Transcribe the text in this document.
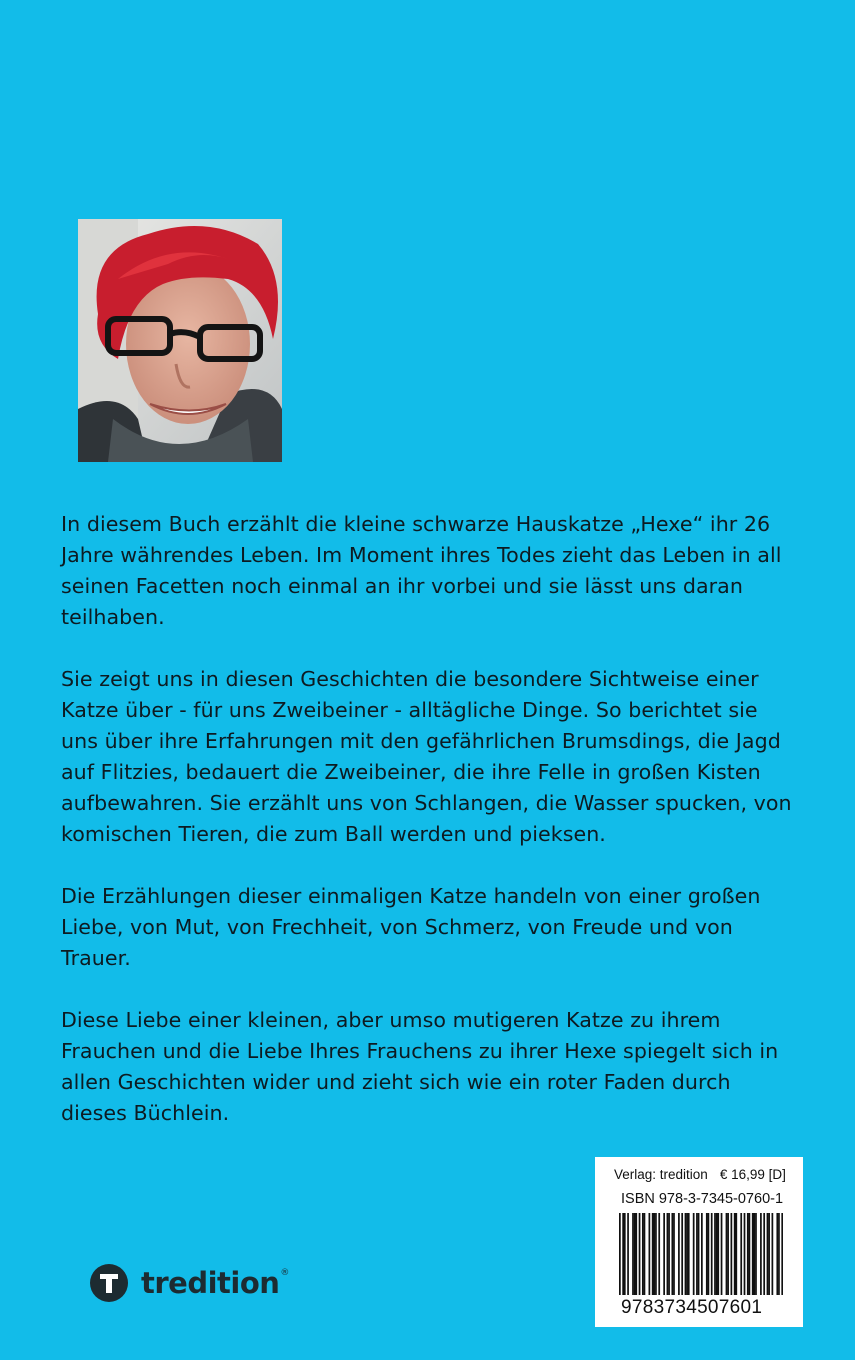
In diesem Buch erzählt die kleine schwarze Hauskatze „Hexe“ ihr 26 Jahre währendes Leben. Im Moment ihres Todes zieht das Leben in all seinen Facetten noch einmal an ihr vorbei und sie lässt uns daran teilhaben.

Sie zeigt uns in diesen Geschichten die besondere Sichtweise einer Katze über - für uns Zweibeiner - alltägliche Dinge. So berichtet sie uns über ihre Erfahrungen mit den gefährlichen Brumsdings, die Jagd auf Flitzies, bedauert die Zweibeiner, die ihre Felle in großen Kisten aufbewahren. Sie erzählt uns von Schlangen, die Wasser spucken, von komischen Tieren, die zum Ball werden und pieksen.

Die Erzählungen dieser einmaligen Katze handeln von einer großen Liebe, von Mut, von Frechheit, von Schmerz, von Freude und von Trauer.

Diese Liebe einer kleinen, aber umso mutigeren Katze zu ihrem Frauchen und die Liebe Ihres Frauchens zu ihrer Hexe spiegelt sich in allen Geschichten wider und zieht sich wie ein roter Faden durch dieses Büchlein.

Verlag: tredition € 16,99 [D]
ISBN 978-3-7345-0760-1
9783734507601
tredition ®
